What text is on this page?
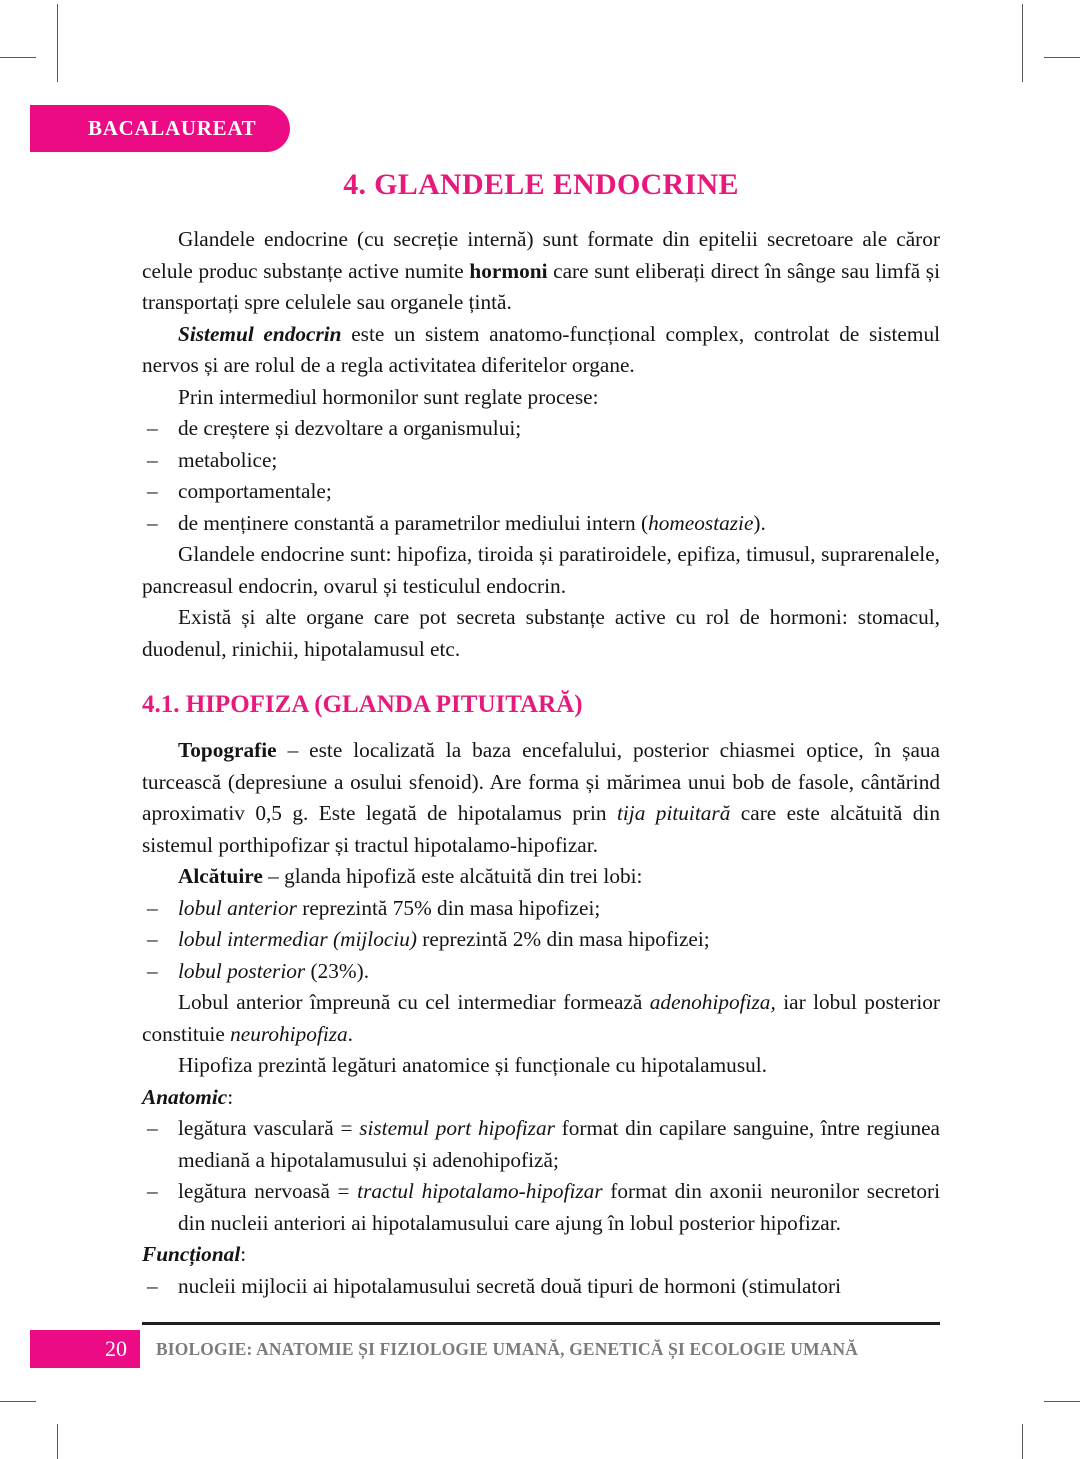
BACALAUREAT
4. GLANDELE ENDOCRINE

Glandele endocrine (cu secreție internă) sunt formate din epitelii secretoare ale căror celule produc substanțe active numite hormoni care sunt eliberați direct în sânge sau limfă și transportați spre celulele sau organele țintă.

Sistemul endocrin este un sistem anatomo-funcțional complex, controlat de sistemul nervos și are rolul de a regla activitatea diferitelor organe.

Prin intermediul hormonilor sunt reglate procese:

– de creștere și dezvoltare a organismului;
– metabolice;
– comportamentale;
– de menținere constantă a parametrilor mediului intern (homeostazie).

Glandele endocrine sunt: hipofiza, tiroida și paratiroidele, epifiza, timusul, suprarenalele, pancreasul endocrin, ovarul și testiculul endocrin.

Există și alte organe care pot secreta substanțe active cu rol de hormoni: stomacul, duodenul, rinichii, hipotalamusul etc.

4.1. HIPOFIZA (GLANDA PITUITARĂ)

Topografie – este localizată la baza encefalului, posterior chiasmei optice, în șaua turcească (depresiune a osului sfenoid). Are forma și mărimea unui bob de fasole, cântărind aproximativ 0,5 g. Este legată de hipotalamus prin tija pituitară care este alcătuită din sistemul porthipofizar și tractul hipotalamo-hipofizar.

Alcătuire – glanda hipofiză este alcătuită din trei lobi:

– lobul anterior reprezintă 75% din masa hipofizei;
– lobul intermediar (mijlociu) reprezintă 2% din masa hipofizei;
– lobul posterior (23%).

Lobul anterior împreună cu cel intermediar formează adenohipofiza, iar lobul posterior constituie neurohipofiza.

Hipofiza prezintă legături anatomice și funcționale cu hipotalamusul.

Anatomic:

– legătura vasculară = sistemul port hipofizar format din capilare sanguine, între regiunea mediană a hipotalamusului și adenohipofiză;
– legătura nervoasă = tractul hipotalamo-hipofizar format din axonii neuronilor secretori din nucleii anteriori ai hipotalamusului care ajung în lobul posterior hipofizar.

Funcțional:

– nucleii mijlocii ai hipotalamusului secretă două tipuri de hormoni (stimulatori
20	BIOLOGIE: ANATOMIE ȘI FIZIOLOGIE UMANĂ, GENETICĂ ȘI ECOLOGIE UMANĂ
